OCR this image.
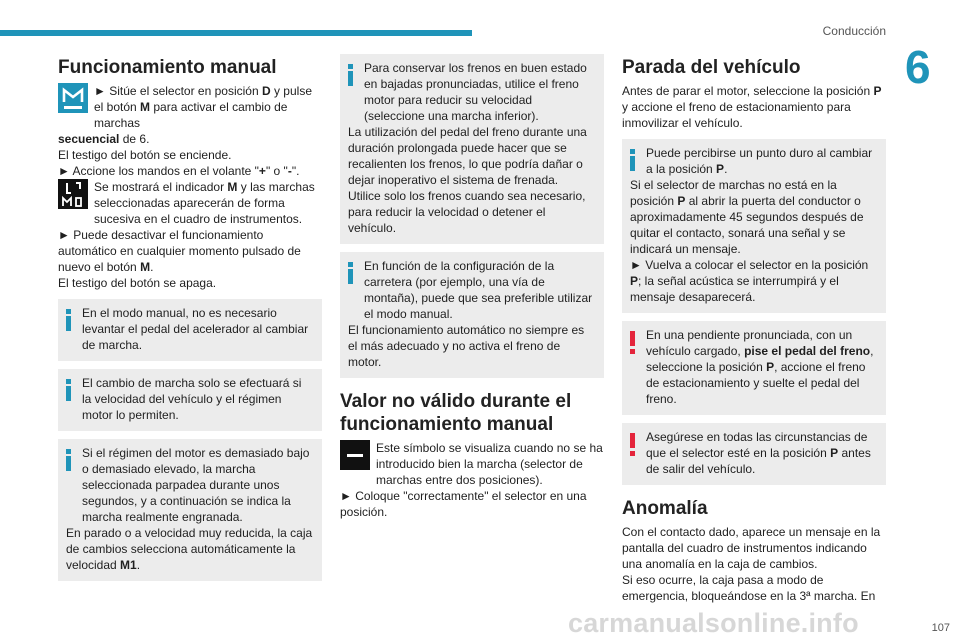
Conducción
6
Funcionamiento manual

► Sitúe el selector en posición D y pulse el botón M para activar el cambio de marchas

secuencial de 6.

El testigo del botón se enciende.

► Accione los mandos en el volante "+" o "-".

Se mostrará el indicador M y las marchas seleccionadas aparecerán de forma sucesiva en el cuadro de instrumentos.

► Puede desactivar el funcionamiento automático en cualquier momento pulsado de nuevo el botón M.

El testigo del botón se apaga.

En el modo manual, no es necesario levantar el pedal del acelerador al cambiar de marcha.

El cambio de marcha solo se efectuará si la velocidad del vehículo y el régimen motor lo permiten.

Si el régimen del motor es demasiado bajo o demasiado elevado, la marcha seleccionada parpadea durante unos segundos, y a continuación se indica la marcha realmente engranada.

En parado o a velocidad muy reducida, la caja de cambios selecciona automáticamente la velocidad M1.

Para conservar los frenos en buen estado en bajadas pronunciadas, utilice el freno motor para reducir su velocidad (seleccione una marcha inferior).

La utilización del pedal del freno durante una duración prolongada puede hacer que se recalienten los frenos, lo que podría dañar o dejar inoperativo el sistema de frenada.

Utilice solo los frenos cuando sea necesario, para reducir la velocidad o detener el vehículo.

En función de la configuración de la carretera (por ejemplo, una vía de montaña), puede que sea preferible utilizar el modo manual.

El funcionamiento automático no siempre es el más adecuado y no activa el freno de motor.

Valor no válido durante el funcionamiento manual

Este símbolo se visualiza cuando no se ha introducido bien la marcha (selector de marchas entre dos posiciones).

► Coloque "correctamente" el selector en una posición.

Parada del vehículo

Antes de parar el motor, seleccione la posición P y accione el freno de estacionamiento para inmovilizar el vehículo.

Puede percibirse un punto duro al cambiar a la posición P.

Si el selector de marchas no está en la posición P al abrir la puerta del conductor o aproximadamente 45 segundos después de quitar el contacto, sonará una señal y se indicará un mensaje.

► Vuelva a colocar el selector en la posición P; la señal acústica se interrumpirá y el mensaje desaparecerá.

En una pendiente pronunciada, con un vehículo cargado, pise el pedal del freno, seleccione la posición P, accione el freno de estacionamiento y suelte el pedal del freno.

Asegúrese en todas las circunstancias de que el selector esté en la posición P antes de salir del vehículo.

Anomalía

Con el contacto dado, aparece un mensaje en la pantalla del cuadro de instrumentos indicando una anomalía en la caja de cambios.

Si eso ocurre, la caja pasa a modo de emergencia, bloqueándose en la 3ª marcha. En

carmanualsonline.info	107
